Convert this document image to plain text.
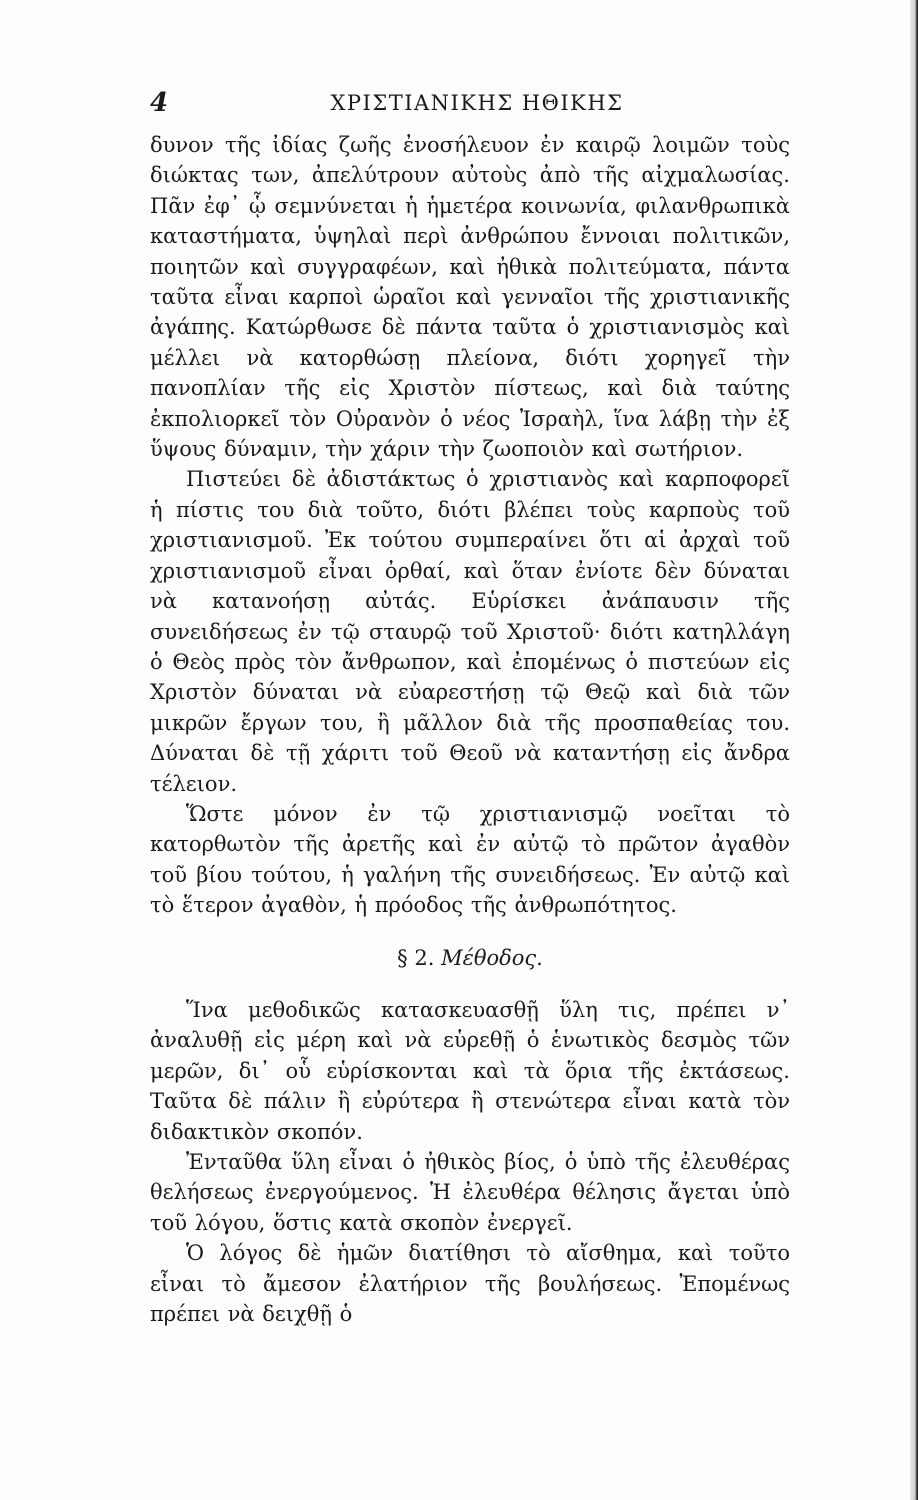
4	ΧΡΙΣΤΙΑΝΙΚΗΣ ΗΘΙΚΗΣ

δυνον τῆς ἰδίας ζωῆς ἐνοσήλευον ἐν καιρῷ λοιμῶν τοὺς διώκτας των, ἀπελύτρουν αὐτοὺς ἀπὸ τῆς αἰχμαλωσίας. Πᾶν ἐφ᾽ ᾧ σεμνύνεται ἡ ἡμετέρα κοινωνία, φιλανθρωπικὰ καταστήματα, ὑψηλαὶ περὶ ἀνθρώπου ἔννοιαι πολιτικῶν, ποιητῶν καὶ συγγραφέων, καὶ ἠθικὰ πολιτεύματα, πάντα ταῦτα εἶναι καρποὶ ὡραῖοι καὶ γενναῖοι τῆς χριστιανικῆς ἀγάπης. Κατώρθωσε δὲ πάντα ταῦτα ὁ χριστιανισμὸς καὶ μέλλει νὰ κατορθώσῃ πλείονα, διότι χορηγεῖ τὴν πανοπλίαν τῆς εἰς Χριστὸν πίστεως, καὶ διὰ ταύτης ἐκπολιορκεῖ τὸν Οὐρανὸν ὁ νέος Ἰσραὴλ, ἵνα λάβῃ τὴν ἐξ ὕψους δύναμιν, τὴν χάριν τὴν ζωοποιὸν καὶ σωτήριον.

Πιστεύει δὲ ἀδιστάκτως ὁ χριστιανὸς καὶ καρποφορεῖ ἡ πίστις του διὰ τοῦτο, διότι βλέπει τοὺς καρποὺς τοῦ χριστιανισμοῦ. Ἐκ τούτου συμπεραίνει ὅτι αἱ ἀρχαὶ τοῦ χριστιανισμοῦ εἶναι ὀρθαί, καὶ ὅταν ἐνίοτε δὲν δύναται νὰ κατανοήσῃ αὐτάς. Εὑρίσκει ἀνάπαυσιν τῆς συνειδήσεως ἐν τῷ σταυρῷ τοῦ Χριστοῦ· διότι κατηλλάγη ὁ Θεὸς πρὸς τὸν ἄνθρωπον, καὶ ἐπομένως ὁ πιστεύων εἰς Χριστὸν δύναται νὰ εὐαρεστήσῃ τῷ Θεῷ καὶ διὰ τῶν μικρῶν ἔργων του, ἢ μᾶλλον διὰ τῆς προσπαθείας του. Δύναται δὲ τῇ χάριτι τοῦ Θεοῦ νὰ καταντήσῃ εἰς ἄνδρα τέλειον.

Ὥστε μόνον ἐν τῷ χριστιανισμῷ νοεῖται τὸ κατορθωτὸν τῆς ἀρετῆς καὶ ἐν αὐτῷ τὸ πρῶτον ἀγαθὸν τοῦ βίου τούτου, ἡ γαλήνη τῆς συνειδήσεως. Ἐν αὐτῷ καὶ τὸ ἕτερον ἀγαθὸν, ἡ πρόοδος τῆς ἀνθρωπότητος.

§ 2. Μέθοδος.

Ἵνα μεθοδικῶς κατασκευασθῇ ὕλη τις, πρέπει ν᾽ ἀναλυθῇ εἰς μέρη καὶ νὰ εὑρεθῇ ὁ ἑνωτικὸς δεσμὸς τῶν μερῶν, δι᾽ οὗ εὑρίσκονται καὶ τὰ ὅρια τῆς ἐκτάσεως. Ταῦτα δὲ πάλιν ἢ εὐρύτερα ἢ στενώτερα εἶναι κατὰ τὸν διδακτικὸν σκοπόν.

Ἐνταῦθα ὕλη εἶναι ὁ ἠθικὸς βίος, ὁ ὑπὸ τῆς ἐλευθέρας θελήσεως ἐνεργούμενος. Ἡ ἐλευθέρα θέλησις ἄγεται ὑπὸ τοῦ λόγου, ὅστις κατὰ σκοπὸν ἐνεργεῖ.

Ὁ λόγος δὲ ἡμῶν διατίθησι τὸ αἴσθημα, καὶ τοῦτο εἶναι τὸ ἄμεσον ἐλατήριον τῆς βουλήσεως. Ἐπομένως πρέπει νὰ δειχθῇ ὁ
